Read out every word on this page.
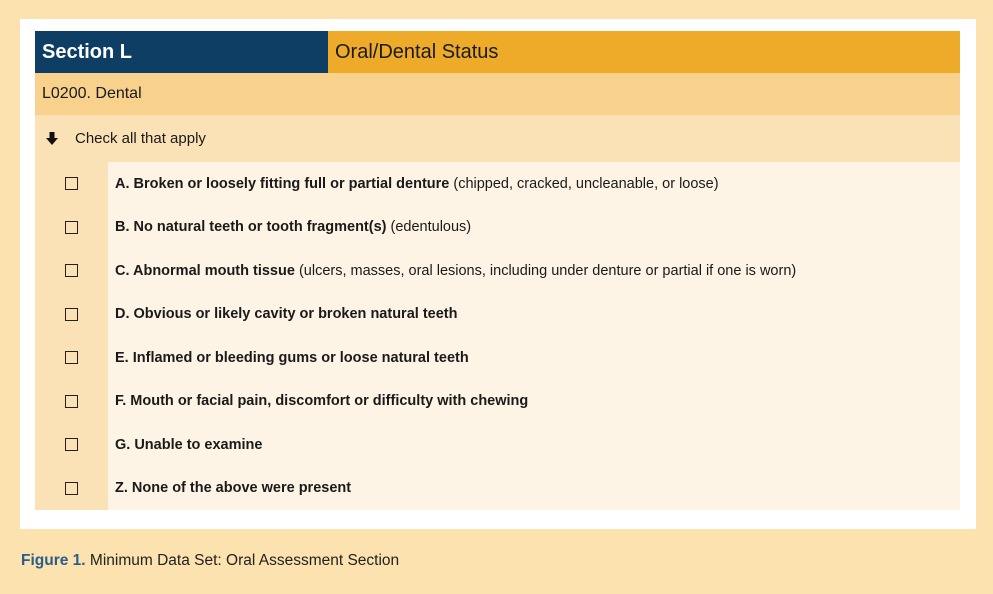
Section L	Oral/Dental Status
L0200. Dental
Check all that apply
A. Broken or loosely fitting full or partial denture (chipped, cracked, uncleanable, or loose)
B. No natural teeth or tooth fragment(s) (edentulous)
C. Abnormal mouth tissue (ulcers, masses, oral lesions, including under denture or partial if one is worn)
D. Obvious or likely cavity or broken natural teeth
E. Inflamed or bleeding gums or loose natural teeth
F. Mouth or facial pain, discomfort or difficulty with chewing
G. Unable to examine
Z. None of the above were present
Figure 1. Minimum Data Set: Oral Assessment Section
